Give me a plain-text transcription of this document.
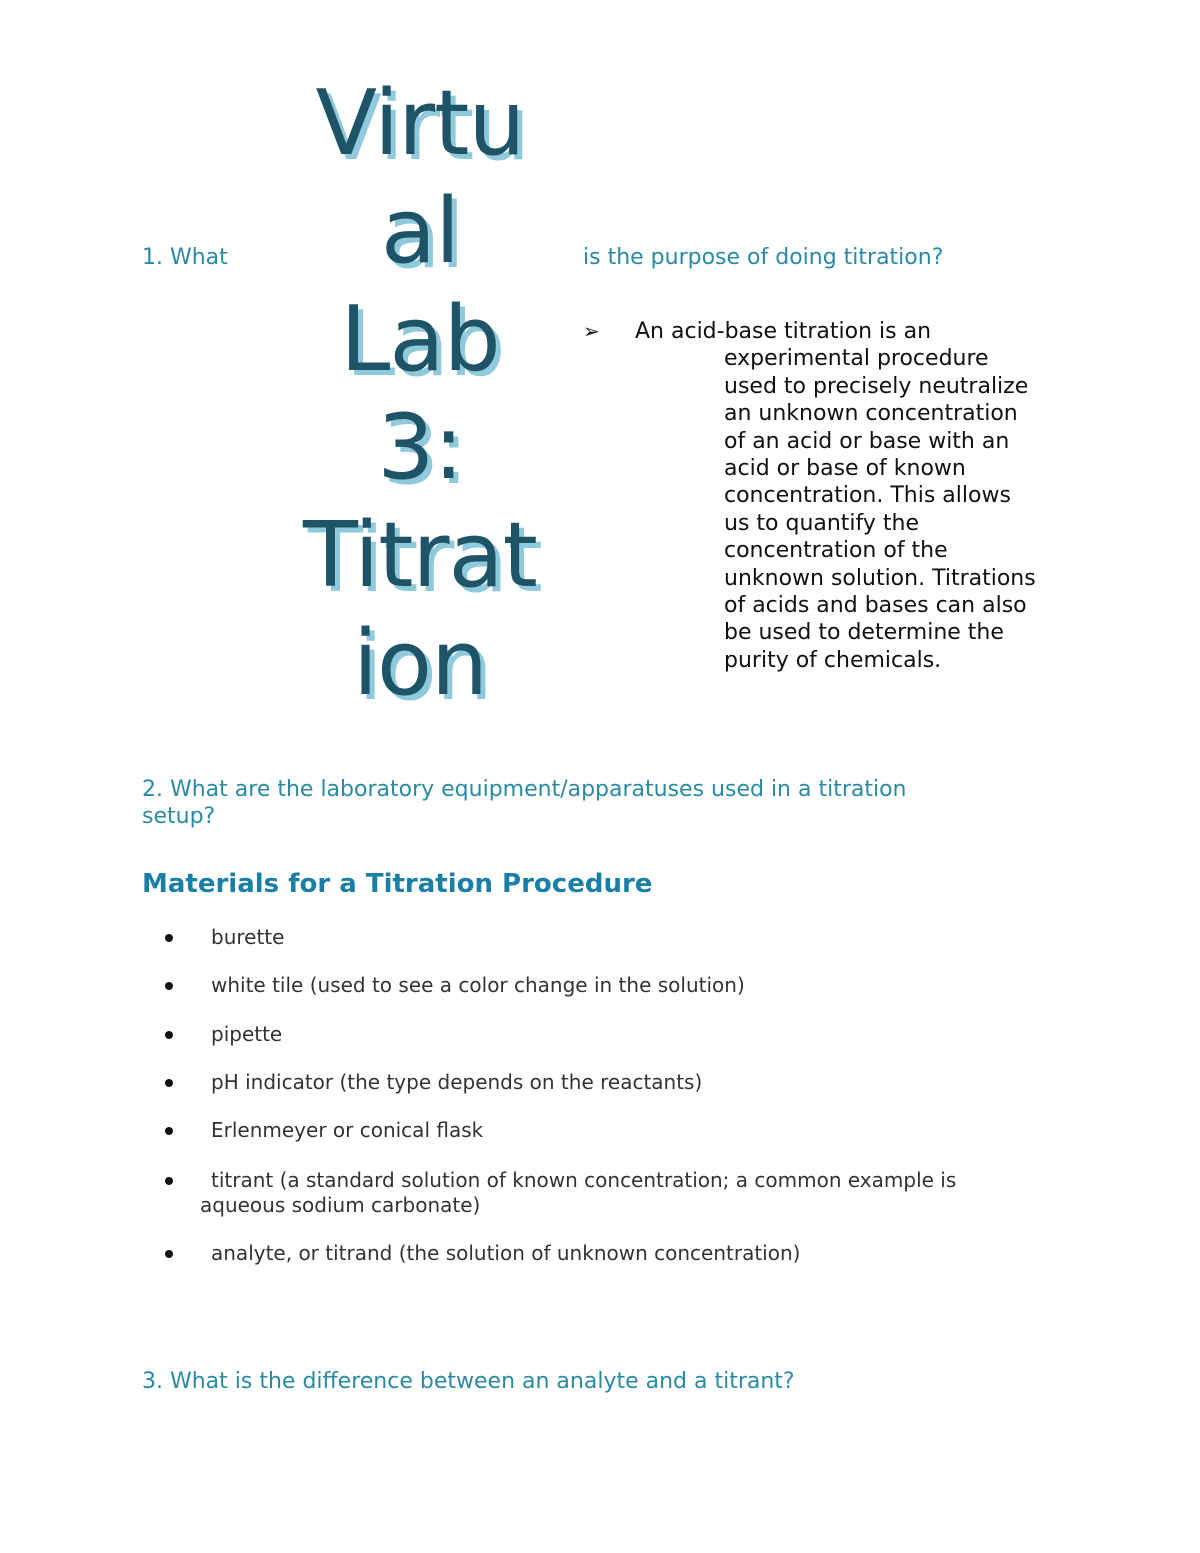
Virtu
al
Lab
3:
Titrat
ion

1. What	is the purpose of doing titration?

➢ An acid-base titration is an
experimental procedure
used to precisely neutralize
an unknown concentration
of an acid or base with an
acid or base of known
concentration. This allows
us to quantify the
concentration of the
unknown solution. Titrations
of acids and bases can also
be used to determine the
purity of chemicals.

2. What are the laboratory equipment/apparatuses used in a titration

setup?

Materials for a Titration Procedure
burette
white tile (used to see a color change in the solution)
pipette
pH indicator (the type depends on the reactants)
Erlenmeyer or conical flask
titrant (a standard solution of known concentration; a common example is
aqueous sodium carbonate)
analyte, or titrand (the solution of unknown concentration)

3. What is the difference between an analyte and a titrant?
